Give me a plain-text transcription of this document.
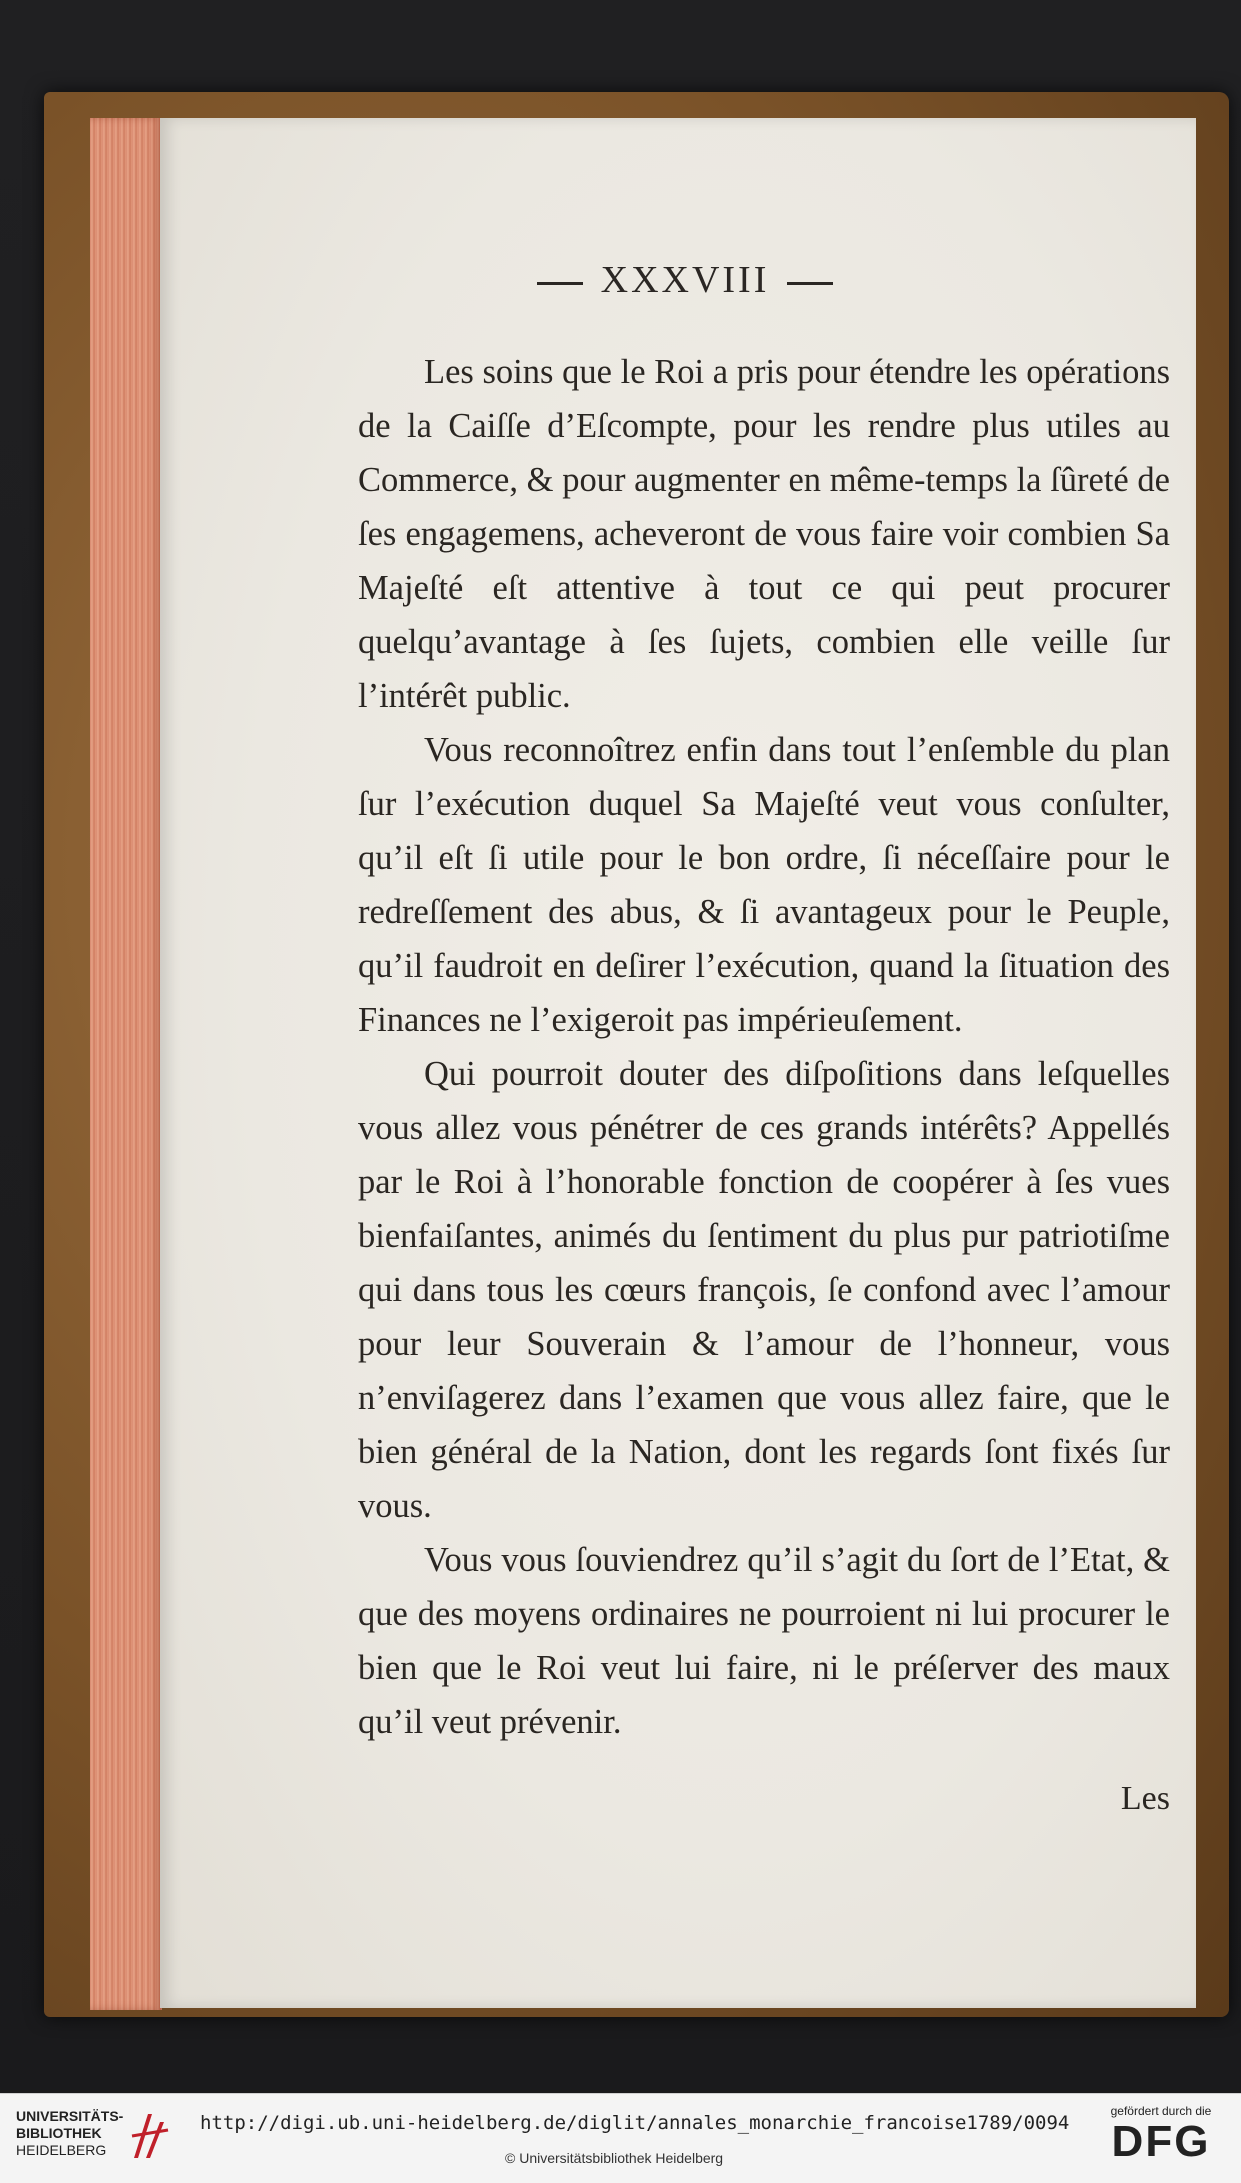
XXXVIII

Les soins que le Roi a pris pour étendre les opérations de la Caiſſe d’Eſcompte, pour les rendre plus utiles au Commerce, & pour augmenter en même-temps la ſûreté de ſes engagemens, acheveront de vous faire voir combien Sa Majeſté eſt attentive à tout ce qui peut procurer quelqu’avantage à ſes ſujets, combien elle veille ſur l’intérêt public.

Vous reconnoîtrez enfin dans tout l’enſemble du plan ſur l’exécution duquel Sa Majeſté veut vous conſulter, qu’il eſt ſi utile pour le bon ordre, ſi néceſſaire pour le redreſſement des abus, & ſi avantageux pour le Peuple, qu’il faudroit en deſirer l’exécution, quand la ſituation des Finances ne l’exigeroit pas impérieuſement.

Qui pourroit douter des diſpoſitions dans leſquelles vous allez vous pénétrer de ces grands intérêts? Appellés par le Roi à l’honorable fonction de coopérer à ſes vues bienfaiſantes, animés du ſentiment du plus pur patriotiſme qui dans tous les cœurs françois, ſe confond avec l’amour pour leur Souverain & l’amour de l’honneur, vous n’enviſagerez dans l’examen que vous allez faire, que le bien général de la Nation, dont les regards ſont fixés ſur vous.

Vous vous ſouviendrez qu’il s’agit du ſort de l’Etat, & que des moyens ordinaires ne pourroient ni lui procurer le bien que le Roi veut lui faire, ni le préſerver des maux qu’il veut prévenir.

Les
UNIVERSITÄTS-
BIBLIOTHEK
HEIDELBERG
http://digi.ub.uni-heidelberg.de/diglit/annales_monarchie_francoise1789/0094
© Universitätsbibliothek Heidelberg
gefördert durch die
DFG
